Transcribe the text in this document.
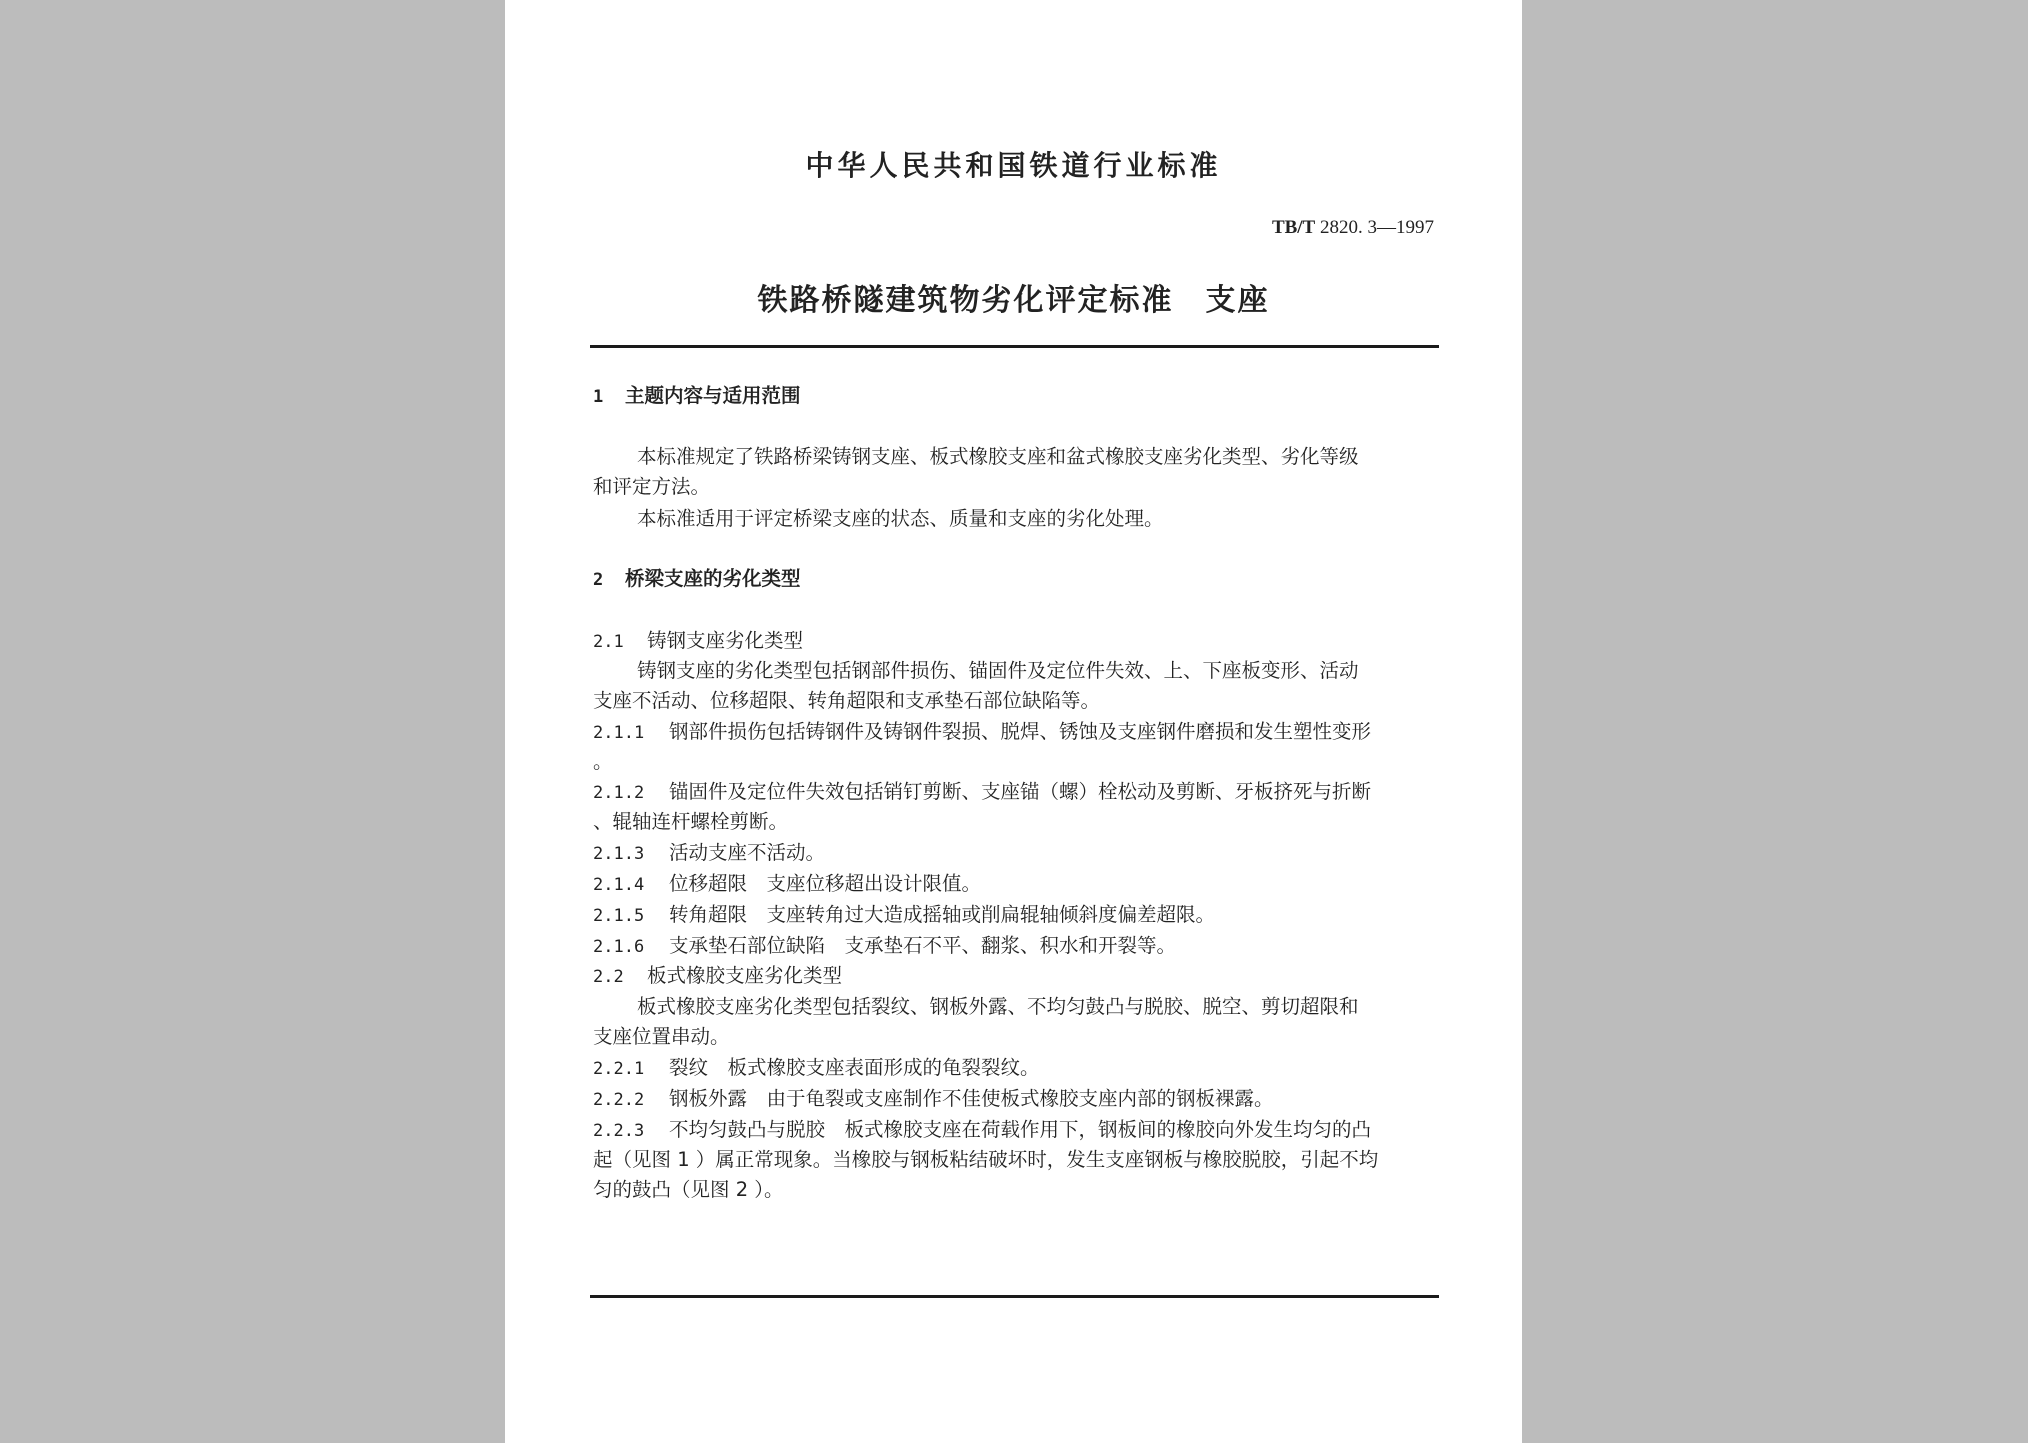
中华人民共和国铁道行业标准
TB/T 2820. 3—1997
铁路桥隧建筑物劣化评定标准　支座
1 主题内容与适用范围
本标准规定了铁路桥梁铸钢支座、板式橡胶支座和盆式橡胶支座劣化类型、劣化等级
和评定方法。
本标准适用于评定桥梁支座的状态、质量和支座的劣化处理。
2 桥梁支座的劣化类型
2.1 铸钢支座劣化类型
铸钢支座的劣化类型包括钢部件损伤、锚固件及定位件失效、上、下座板变形、活动
支座不活动、位移超限、转角超限和支承垫石部位缺陷等。
2.1.1 钢部件损伤包括铸钢件及铸钢件裂损、脱焊、锈蚀及支座钢件磨损和发生塑性变形
。
2.1.2 锚固件及定位件失效包括销钉剪断、支座锚（螺）栓松动及剪断、牙板挤死与折断
、辊轴连杆螺栓剪断。
2.1.3 活动支座不活动。
2.1.4 位移超限　支座位移超出设计限值。
2.1.5 转角超限　支座转角过大造成摇轴或削扁辊轴倾斜度偏差超限。
2.1.6 支承垫石部位缺陷　支承垫石不平、翻浆、积水和开裂等。
2.2 板式橡胶支座劣化类型
板式橡胶支座劣化类型包括裂纹、钢板外露、不均匀鼓凸与脱胶、脱空、剪切超限和
支座位置串动。
2.2.1 裂纹　板式橡胶支座表面形成的龟裂裂纹。
2.2.2 钢板外露　由于龟裂或支座制作不佳使板式橡胶支座内部的钢板裸露。
2.2.3 不均匀鼓凸与脱胶　板式橡胶支座在荷载作用下，钢板间的橡胶向外发生均匀的凸
起（见图 1 ）属正常现象。当橡胶与钢板粘结破坏时，发生支座钢板与橡胶脱胶，引起不均
匀的鼓凸（见图 2 ）。
